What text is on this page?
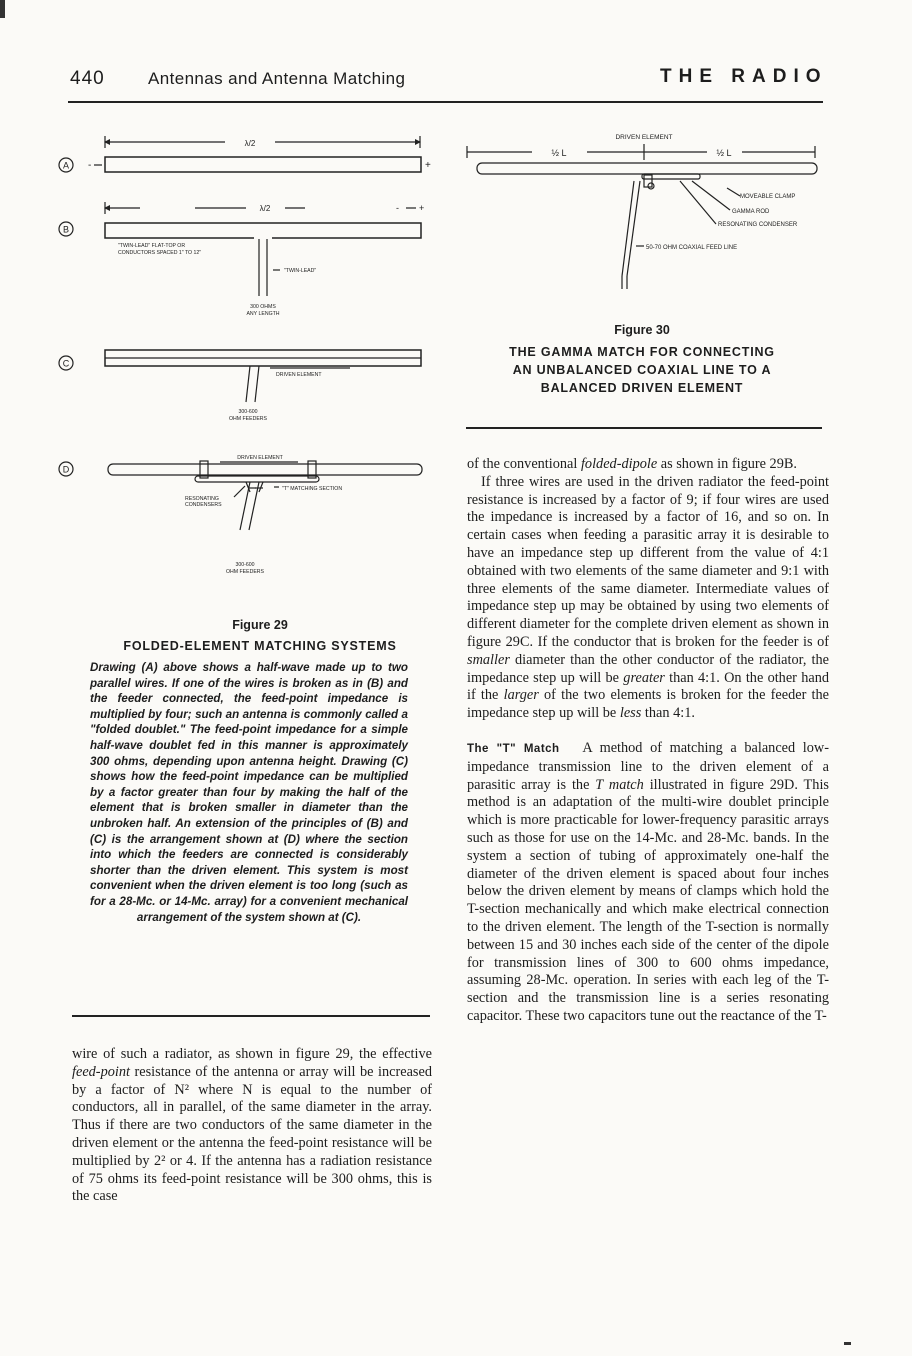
440	Antennas and Antenna Matching	THE RADIO
A
λ/2
-	+
B
λ/2	- +
"TWIN-LEAD" FLAT-TOP OR
CONDUCTORS SPACED 1" TO 12"
"TWIN-LEAD"
300 OHMS
ANY LENGTH
C
DRIVEN ELEMENT
300-600
OHM FEEDERS
D
DRIVEN ELEMENT
RESONATING
CONDENSERS
"T" MATCHING SECTION
300-600
OHM FEEDERS
Figure 29
FOLDED-ELEMENT MATCHING SYSTEMS
Drawing (A) above shows a half-wave made up to two parallel wires. If one of the wires is broken as in (B) and the feeder connected, the feed-point impedance is multiplied by four; such an antenna is commonly called a "folded doublet." The feed-point impedance for a simple half-wave doublet fed in this manner is approximately 300 ohms, depending upon antenna height. Drawing (C) shows how the feed-point impedance can be multiplied by a factor greater than four by making the half of the element that is broken smaller in diameter than the unbroken half. An extension of the principles of (B) and (C) is the arrangement shown at (D) where the section into which the feeders are connected is considerably shorter than the driven element. This system is most convenient when the driven element is too long (such as for a 28-Mc. or 14-Mc. array) for a convenient mechanical arrangement of the system shown at (C).
DRIVEN ELEMENT
½ L	½ L
MOVEABLE CLAMP
GAMMA ROD
RESONATING CONDENSER
50-70 OHM COAXIAL FEED LINE
Figure 30
THE GAMMA MATCH FOR CONNECTING
AN UNBALANCED COAXIAL LINE TO A
BALANCED DRIVEN ELEMENT

wire of such a radiator, as shown in figure 29, the effective feed-point resistance of the antenna or array will be increased by a factor of N² where N is equal to the number of conductors, all in parallel, of the same diameter in the array. Thus if there are two conductors of the same diameter in the driven element or the antenna the feed-point resistance will be multiplied by 2² or 4. If the antenna has a radiation resistance of 75 ohms its feed-point resistance will be 300 ohms, this is the case

of the conventional folded-dipole as shown in figure 29B.

If three wires are used in the driven radiator the feed-point resistance is increased by a factor of 9; if four wires are used the impedance is increased by a factor of 16, and so on. In certain cases when feeding a parasitic array it is desirable to have an impedance step up different from the value of 4:1 obtained with two elements of the same diameter and 9:1 with three elements of the same diameter. Intermediate values of impedance step up may be obtained by using two elements of different diameter for the complete driven element as shown in figure 29C. If the conductor that is broken for the feeder is of smaller diameter than the other conductor of the radiator, the impedance step up will be greater than 4:1. On the other hand if the larger of the two elements is broken for the feeder the impedance step up will be less than 4:1.

The "T" Match A method of matching a balanced low-impedance transmission line to the driven element of a parasitic array is the T match illustrated in figure 29D. This method is an adaptation of the multi-wire doublet principle which is more practicable for lower-frequency parasitic arrays such as those for use on the 14-Mc. and 28-Mc. bands. In the system a section of tubing of approximately one-half the diameter of the driven element is spaced about four inches below the driven element by means of clamps which hold the T-section mechanically and which make electrical connection to the driven element. The length of the T-section is normally between 15 and 30 inches each side of the center of the dipole for transmission lines of 300 to 600 ohms impedance, assuming 28-Mc. operation. In series with each leg of the T-section and the transmission line is a series resonating capacitor. These two capacitors tune out the reactance of the T-
